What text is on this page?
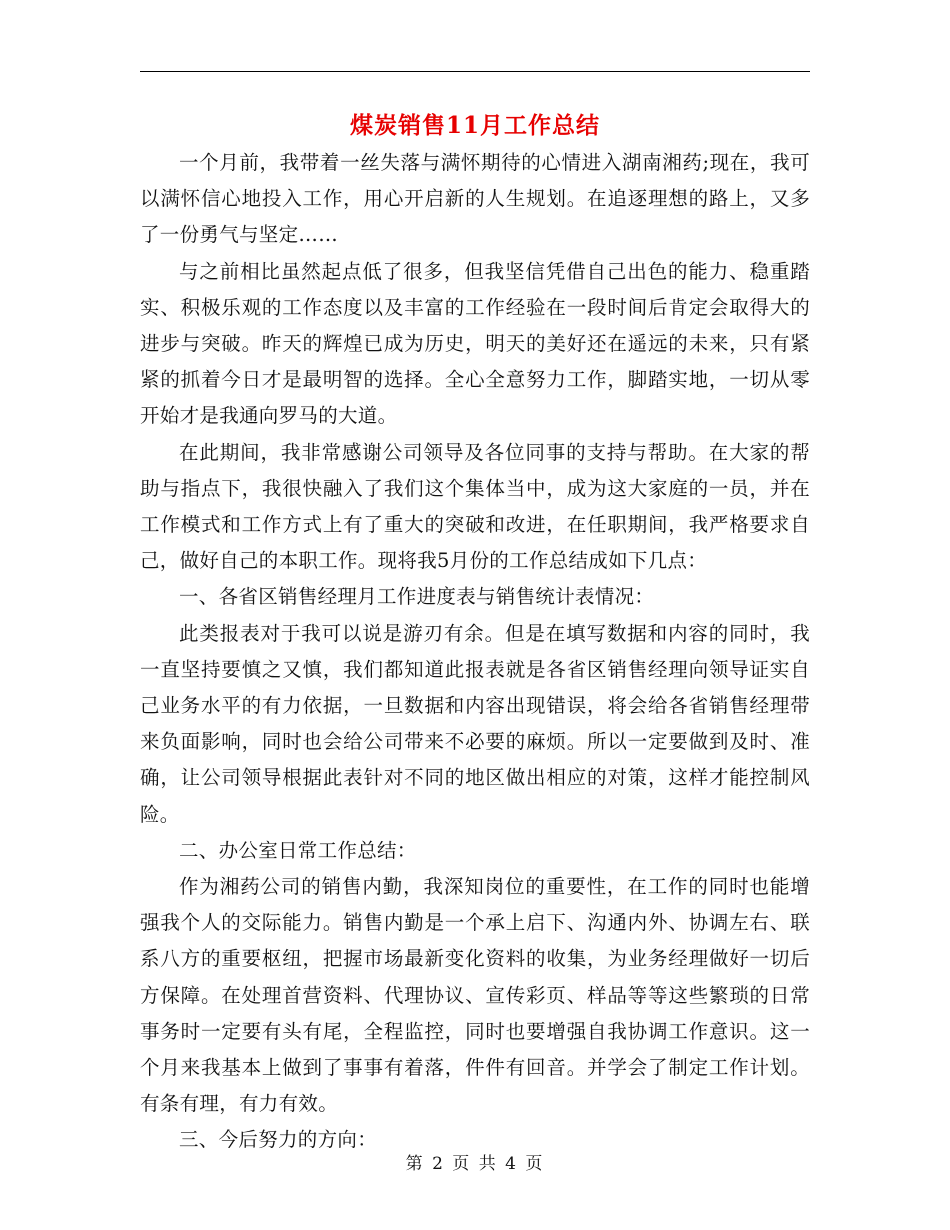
煤炭销售11月工作总结

一个月前，我带着一丝失落与满怀期待的心情进入湖南湘药;现在，我可以满怀信心地投入工作，用心开启新的人生规划。在追逐理想的路上，又多了一份勇气与坚定……

与之前相比虽然起点低了很多，但我坚信凭借自己出色的能力、稳重踏实、积极乐观的工作态度以及丰富的工作经验在一段时间后肯定会取得大的进步与突破。昨天的辉煌已成为历史，明天的美好还在遥远的未来，只有紧紧的抓着今日才是最明智的选择。全心全意努力工作，脚踏实地，一切从零开始才是我通向罗马的大道。

在此期间，我非常感谢公司领导及各位同事的支持与帮助。在大家的帮助与指点下，我很快融入了我们这个集体当中，成为这大家庭的一员，并在工作模式和工作方式上有了重大的突破和改进，在任职期间，我严格要求自己，做好自己的本职工作。现将我5月份的工作总结成如下几点：

一、各省区销售经理月工作进度表与销售统计表情况：

此类报表对于我可以说是游刃有余。但是在填写数据和内容的同时，我一直坚持要慎之又慎，我们都知道此报表就是各省区销售经理向领导证实自己业务水平的有力依据，一旦数据和内容出现错误，将会给各省销售经理带来负面影响，同时也会给公司带来不必要的麻烦。所以一定要做到及时、准确，让公司领导根据此表针对不同的地区做出相应的对策，这样才能控制风险。

二、办公室日常工作总结：

作为湘药公司的销售内勤，我深知岗位的重要性，在工作的同时也能增强我个人的交际能力。销售内勤是一个承上启下、沟通内外、协调左右、联系八方的重要枢纽，把握市场最新变化资料的收集，为业务经理做好一切后方保障。在处理首营资料、代理协议、宣传彩页、样品等等这些繁琐的日常事务时一定要有头有尾，全程监控，同时也要增强自我协调工作意识。这一个月来我基本上做到了事事有着落，件件有回音。并学会了制定工作计划。有条有理，有力有效。

三、今后努力的方向：

第 2 页 共 4 页
